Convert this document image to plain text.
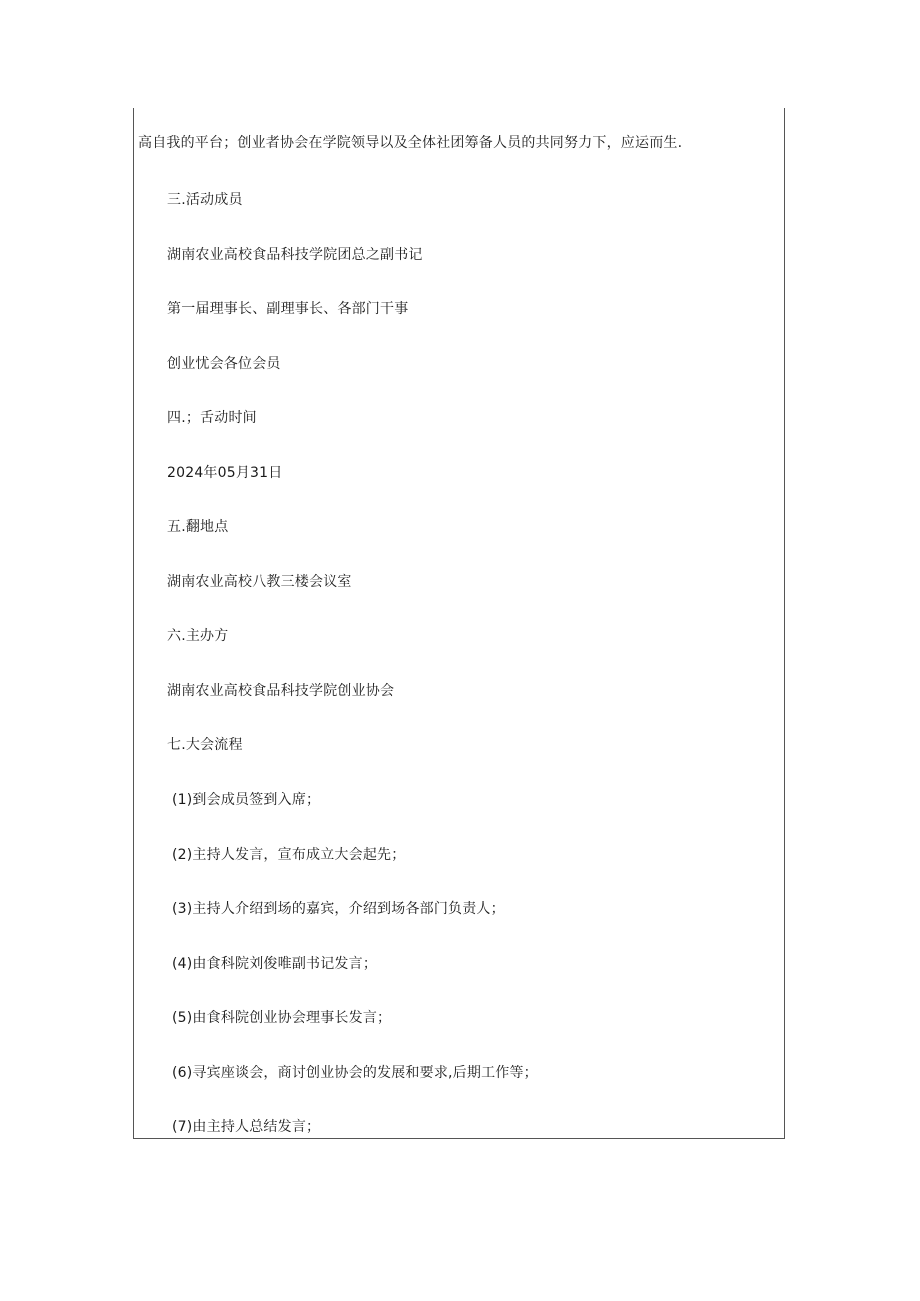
高自我的平台；创业者协会在学院领导以及全体社团筹备人员的共同努力下，应运而生.
三.活动成员
湖南农业高校食品科技学院团总之副书记
第一届理事长、副理事长、各部门干事
创业忧会各位会员
四.；舌动时间
2024年05月31日
五.翻地点
湖南农业高校八教三楼会议室
六.主办方
湖南农业高校食品科技学院创业协会
七.大会流程
(1)到会成员签到入席；
(2)主持人发言，宣布成立大会起先；
(3)主持人介绍到场的嘉宾，介绍到场各部门负责人；
(4)由食科院刘俊唯副书记发言；
(5)由食科院创业协会理事长发言；
(6)寻宾座谈会，商讨创业协会的发展和要求,后期工作等；
(7)由主持人总结发言；
